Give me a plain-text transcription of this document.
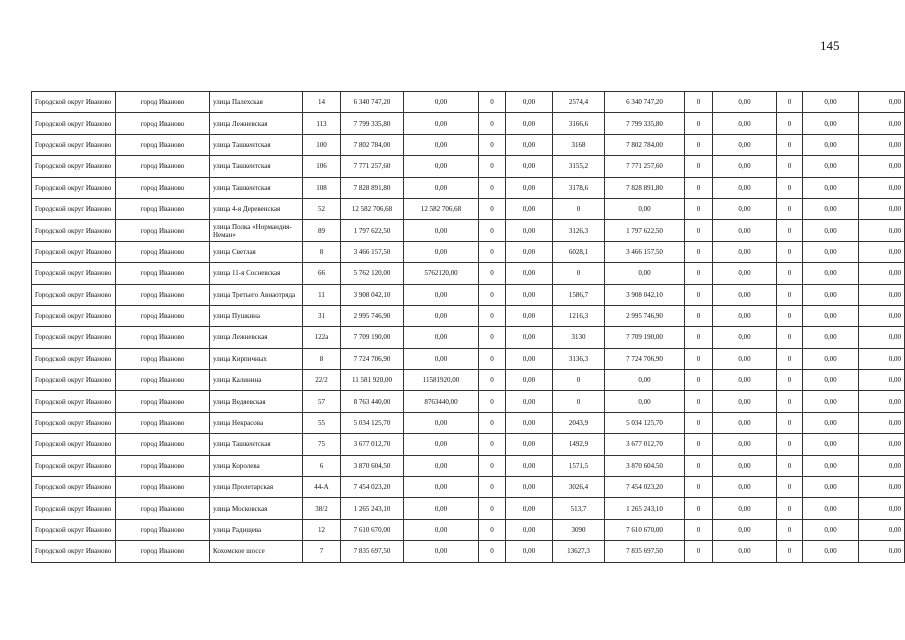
145
Городской округ Иваново	город Иваново	улица Палехская	14	6 340 747,20	0,00	0	0,00	2574,4	6 340 747,20	0	0,00	0	0,00	0,00
Городской округ Иваново	город Иваново	улица Лежневская	113	7 799 335,80	0,00	0	0,00	3166,6	7 799 335,80	0	0,00	0	0,00	0,00
Городской округ Иваново	город Иваново	улица Ташкентская	100	7 802 784,00	0,00	0	0,00	3168	7 802 784,00	0	0,00	0	0,00	0,00
Городской округ Иваново	город Иваново	улица Ташкентская	106	7 771 257,60	0,00	0	0,00	3155,2	7 771 257,60	0	0,00	0	0,00	0,00
Городской округ Иваново	город Иваново	улица Ташкентская	108	7 828 891,80	0,00	0	0,00	3178,6	7 828 891,80	0	0,00	0	0,00	0,00
Городской округ Иваново	город Иваново	улица 4-я Деревенская	52	12 582 706,68	12 582 706,68	0	0,00	0	0,00	0	0,00	0	0,00	0,00
Городской округ Иваново	город Иваново	улица Полка «Нормандия-Неман»	89	1 797 622,50	0,00	0	0,00	3126,3	1 797 622,50	0	0,00	0	0,00	0,00
Городской округ Иваново	город Иваново	улица Светлая	8	3 466 157,50	0,00	0	0,00	6028,1	3 466 157,50	0	0,00	0	0,00	0,00
Городской округ Иваново	город Иваново	улица 11-я Сосневская	66	5 762 120,00	5762120,00	0	0,00	0	0,00	0	0,00	0	0,00	0,00
Городской округ Иваново	город Иваново	улица Третьего Авиаотряда	11	3 908 042,10	0,00	0	0,00	1586,7	3 908 042,10	0	0,00	0	0,00	0,00
Городской округ Иваново	город Иваново	улица Пушкина	31	2 995 746,90	0,00	0	0,00	1216,3	2 995 746,90	0	0,00	0	0,00	0,00
Городской округ Иваново	город Иваново	улица Лежневская	122а	7 709 190,00	0,00	0	0,00	3130	7 709 190,00	0	0,00	0	0,00	0,00
Городской округ Иваново	город Иваново	улица Кирпичных	8	7 724 706,90	0,00	0	0,00	3136,3	7 724 706,90	0	0,00	0	0,00	0,00
Городской округ Иваново	город Иваново	улица Калинина	22/2	11 581 920,00	11581920,00	0	0,00	0	0,00	0	0,00	0	0,00	0,00
Городской округ Иваново	город Иваново	улица Ведяевская	57	8 763 440,00	8763440,00	0	0,00	0	0,00	0	0,00	0	0,00	0,00
Городской округ Иваново	город Иваново	улица Некрасова	55	5 034 125,70	0,00	0	0,00	2043,9	5 034 125,70	0	0,00	0	0,00	0,00
Городской округ Иваново	город Иваново	улица Ташкентская	75	3 677 012,70	0,00	0	0,00	1492,9	3 677 012,70	0	0,00	0	0,00	0,00
Городской округ Иваново	город Иваново	улица Королева	6	3 870 604,50	0,00	0	0,00	1571,5	3 870 604,50	0	0,00	0	0,00	0,00
Городской округ Иваново	город Иваново	улица Пролетарская	44-А	7 454 023,20	0,00	0	0,00	3026,4	7 454 023,20	0	0,00	0	0,00	0,00
Городской округ Иваново	город Иваново	улица Московская	38/2	1 265 243,10	0,00	0	0,00	513,7	1 265 243,10	0	0,00	0	0,00	0,00
Городской округ Иваново	город Иваново	улица Радищева	12	7 610 670,00	0,00	0	0,00	3090	7 610 670,00	0	0,00	0	0,00	0,00
Городской округ Иваново	город Иваново	Кохомское шоссе	7	7 835 697,50	0,00	0	0,00	13627,3	7 835 697,50	0	0,00	0	0,00	0,00
